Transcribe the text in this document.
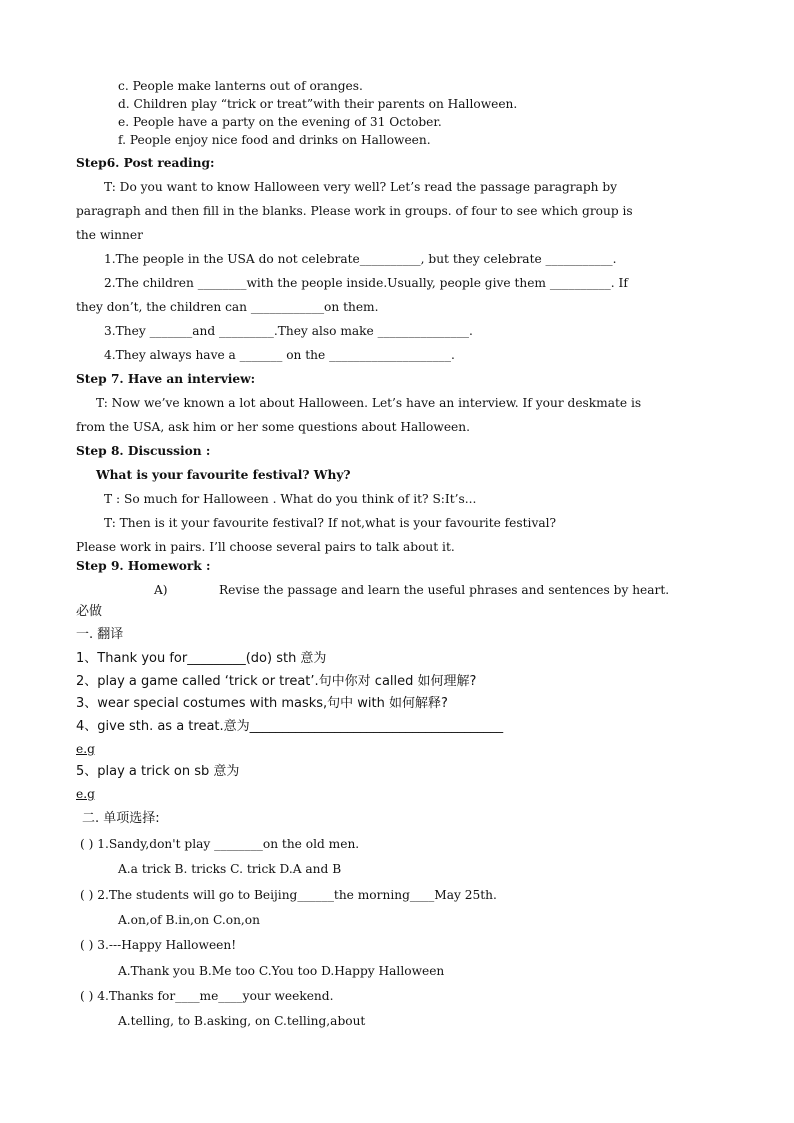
c. People make lanterns out of oranges.
d. Children play “trick or treat”with their parents on Halloween.
e. People have a party on the evening of 31 October.
f. People enjoy nice food and drinks on Halloween.
Step6. Post reading:
T: Do you want to know Halloween very well? Let’s read the passage paragraph by
paragraph and then fill in the blanks. Please work in groups. of four to see which group is
the winner
1.The people in the USA do not celebrate__________, but they celebrate ___________.
2.The children ________with the people inside.Usually, people give them __________. If
they don’t, the children can ____________on them.
3.They _______and _________.They also make _______________.
4.They always have a _______ on the ____________________.
Step 7. Have an interview:
T: Now we’ve known a lot about Halloween. Let’s have an interview. If your deskmate is
from the USA, ask him or her some questions about Halloween.
Step 8. Discussion :
What is your favourite festival? Why?
T : So much for Halloween . What do you think of it? S:It’s...
T: Then is it your favourite festival? If not,what is your favourite festival?
Please work in pairs. I’ll choose several pairs to talk about it.
Step 9. Homework :
A)	Revise the passage and learn the useful phrases and sentences by heart.
必做
一. 翻译
1、Thank you for_________(do) sth 意为
2、play a game called ‘trick or treat’.句中你对 called 如何理解?
3、wear special costumes with masks,句中 with 如何解释?
4、give sth. as a treat.意为_______________________________________
e.g
5、play a trick on sb 意为
e.g
二. 单项选择:
( ) 1.Sandy,don't play ________on the old men.
A.a trick B. tricks C. trick D.A and B
( ) 2.The students will go to Beijing______the morning____May 25th.
A.on,of B.in,on C.on,on
( ) 3.---Happy Halloween!
A.Thank you B.Me too C.You too D.Happy Halloween
( ) 4.Thanks for____me____your weekend.
A.telling, to B.asking, on C.telling,about
